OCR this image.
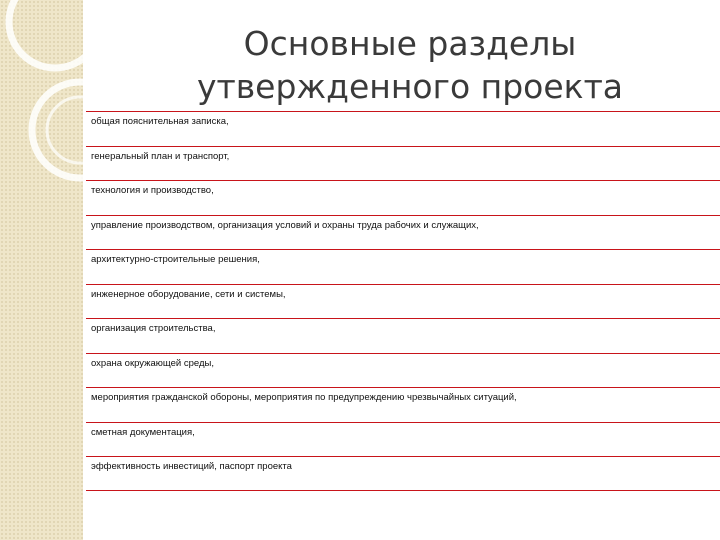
Основные разделы
утвержденного проекта
общая пояснительная записка,
генеральный план и транспорт,
технология и производство,
управление производством, организация условий и охраны труда рабочих и служащих,
архитектурно-строительные решения,
инженерное оборудование, сети и системы,
организация строительства,
охрана окружающей среды,
мероприятия гражданской обороны, мероприятия по предупреждению чрезвычайных ситуаций,
сметная документация,
эффективность инвестиций, паспорт проекта
